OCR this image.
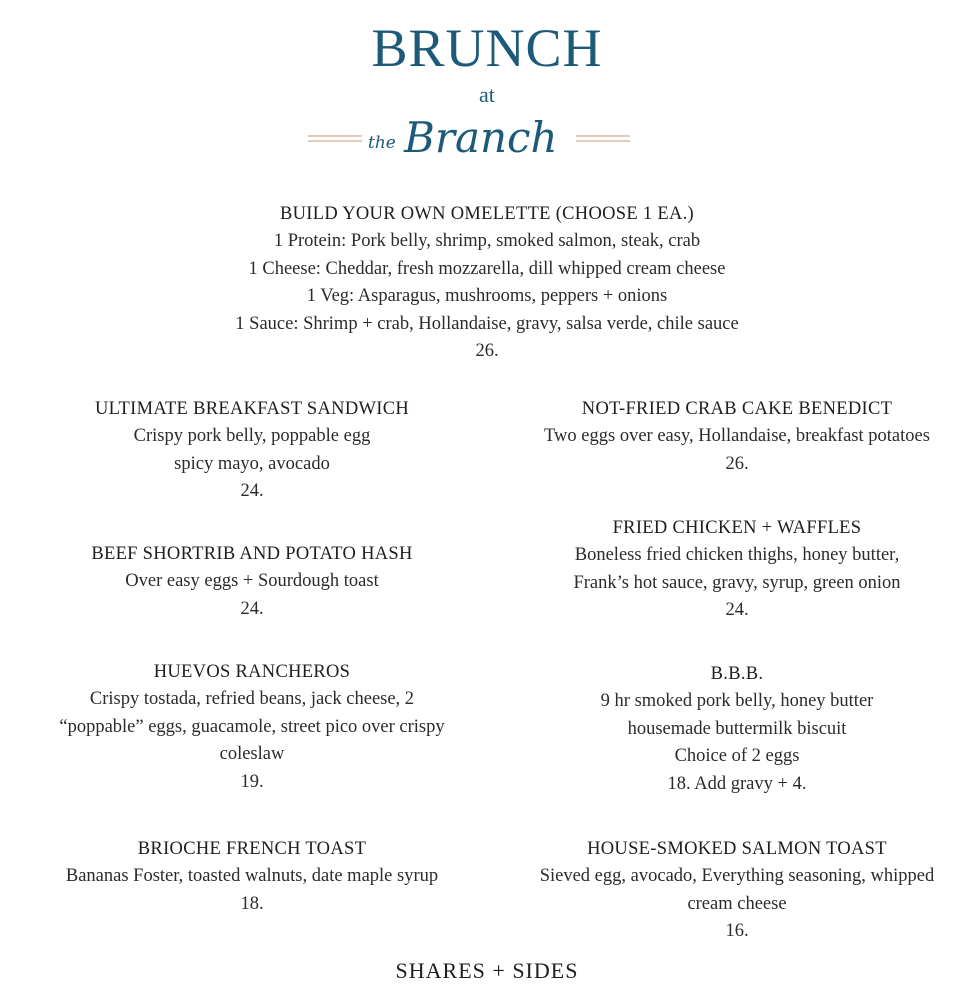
BRUNCH
at
the Branch
BUILD YOUR OWN OMELETTE (CHOOSE 1 EA.)
1 Protein: Pork belly, shrimp, smoked salmon, steak, crab
1 Cheese: Cheddar, fresh mozzarella, dill whipped cream cheese
1 Veg: Asparagus, mushrooms, peppers + onions
1 Sauce: Shrimp + crab, Hollandaise, gravy, salsa verde, chile sauce
26.
ULTIMATE BREAKFAST SANDWICH
Crispy pork belly, poppable egg
spicy mayo, avocado
24.
BEEF SHORTRIB AND POTATO HASH
Over easy eggs + Sourdough toast
24.
HUEVOS RANCHEROS
Crispy tostada, refried beans, jack cheese, 2
“poppable” eggs, guacamole, street pico over crispy
coleslaw
19.
BRIOCHE FRENCH TOAST
Bananas Foster, toasted walnuts, date maple syrup
18.
NOT-FRIED CRAB CAKE BENEDICT
Two eggs over easy, Hollandaise, breakfast potatoes
26.
FRIED CHICKEN + WAFFLES
Boneless fried chicken thighs, honey butter,
Frank’s hot sauce, gravy, syrup, green onion
24.
B.B.B.
9 hr smoked pork belly, honey butter
housemade buttermilk biscuit
Choice of 2 eggs
18. Add gravy + 4.
HOUSE-SMOKED SALMON TOAST
Sieved egg, avocado, Everything seasoning, whipped
cream cheese
16.
SHARES + SIDES
